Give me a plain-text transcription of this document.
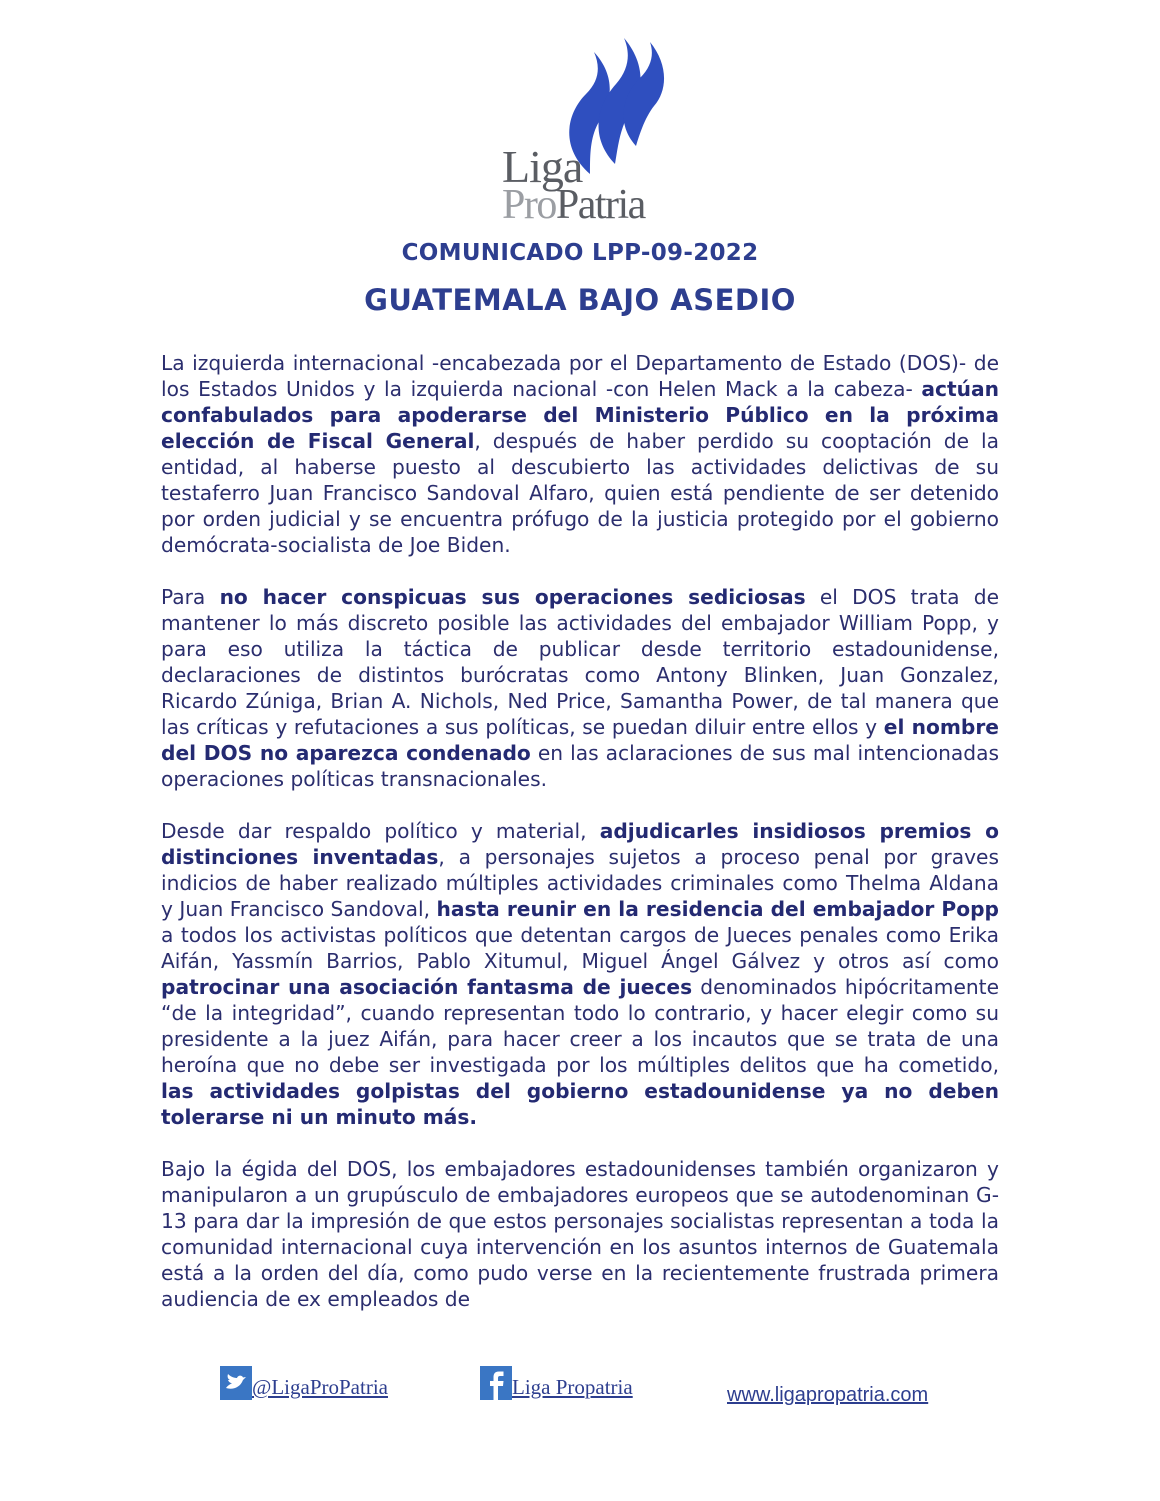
Liga
ProPatria
COMUNICADO LPP-09-2022
GUATEMALA BAJO ASEDIO

La izquierda internacional -encabezada por el Departamento de Estado (DOS)- de los Estados Unidos y la izquierda nacional -con Helen Mack a la cabeza- actúan confabulados para apoderarse del Ministerio Público en la próxima elección de Fiscal General, después de haber perdido su cooptación de la entidad, al haberse puesto al descubierto las actividades delictivas de su testaferro Juan Francisco Sandoval Alfaro, quien está pendiente de ser detenido por orden judicial y se encuentra prófugo de la justicia protegido por el gobierno demócrata-socialista de Joe Biden.

Para no hacer conspicuas sus operaciones sediciosas el DOS trata de mantener lo más discreto posible las actividades del embajador William Popp, y para eso utiliza la táctica de publicar desde territorio estadounidense, declaraciones de distintos burócratas como Antony Blinken, Juan Gonzalez, Ricardo Zúniga, Brian A. Nichols, Ned Price, Samantha Power, de tal manera que las críticas y refutaciones a sus políticas, se puedan diluir entre ellos y el nombre del DOS no aparezca condenado en las aclaraciones de sus mal intencionadas operaciones políticas transnacionales.

Desde dar respaldo político y material, adjudicarles insidiosos premios o distinciones inventadas, a personajes sujetos a proceso penal por graves indicios de haber realizado múltiples actividades criminales como Thelma Aldana y Juan Francisco Sandoval, hasta reunir en la residencia del embajador Popp a todos los activistas políticos que detentan cargos de Jueces penales como Erika Aifán, Yassmín Barrios, Pablo Xitumul, Miguel Ángel Gálvez y otros así como patrocinar una asociación fantasma de jueces denominados hipócritamente “de la integridad”, cuando representan todo lo contrario, y hacer elegir como su presidente a la juez Aifán, para hacer creer a los incautos que se trata de una heroína que no debe ser investigada por los múltiples delitos que ha cometido, las actividades golpistas del gobierno estadounidense ya no deben tolerarse ni un minuto más.

Bajo la égida del DOS, los embajadores estadounidenses también organizaron y manipularon a un grupúsculo de embajadores europeos que se autodenominan G-13 para dar la impresión de que estos personajes socialistas representan a toda la comunidad internacional cuya intervención en los asuntos internos de Guatemala está a la orden del día, como pudo verse en la recientemente frustrada primera audiencia de ex empleados de

@LigaProPatria	Liga Propatria	www.ligapropatria.com
